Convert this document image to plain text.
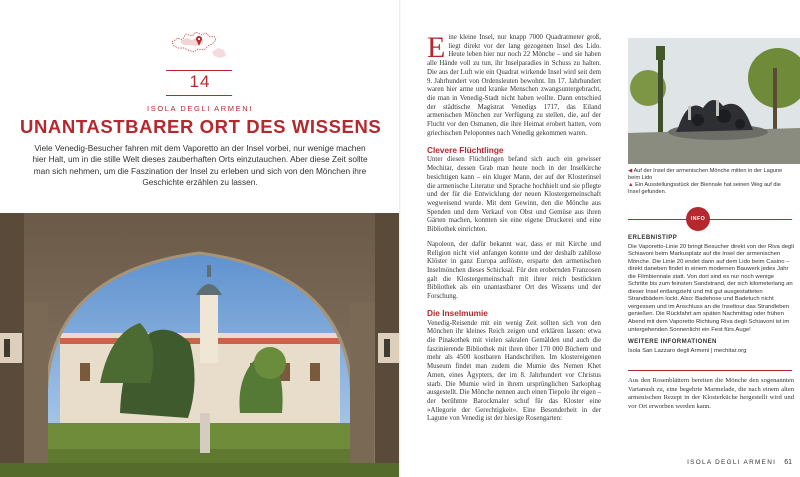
14
ISOLA DEGLI ARMENI
UNANTASTBARER ORT DES WISSENS
Viele Venedig-Besucher fahren mit dem Vaporetto an der Insel vorbei, nur wenige machen hier Halt, um in die stille Welt dieses zauberhaften Orts einzutauchen. Aber diese Zeit sollte man sich nehmen, um die Faszination der Insel zu erleben und sich von den Mönchen ihre Geschichte erzählen zu lassen.

Eine kleine Insel, nur knapp 7000 Quadratmeter groß, liegt direkt vor der lang gezogenen Insel des Lido. Heute leben hier nur noch 22 Mönche – und sie haben alle Hände voll zu tun, ihr Inselparadies in Schuss zu halten. Die aus der Luft wie ein Quadrat wirkende Insel wird seit dem 9. Jahrhundert von Ordensleuten bewohnt. Im 17. Jahrhundert waren hier arme und kranke Menschen zwangsuntergebracht, die man in Venedig-Stadt nicht haben wollte. Dann entschied der städtische Magistrat Venedigs 1717, das Eiland armenischen Mönchen zur Verfügung zu stellen, die, auf der Flucht vor den Osmanen, die ihre Heimat erobert hatten, vom griechischen Peloponnes nach Venedig gekommen waren.

Clevere Flüchtlinge

Unter diesen Flüchtlingen befand sich auch ein gewisser Mechitar, dessen Grab man heute noch in der Inselkirche besichtigen kann – ein kluger Mann, der auf der Klosterinsel die armenische Literatur und Sprache hochhielt und sie pflegte und der für die Entwicklung der neuen Klostergemeinschaft wegweisend wurde. Mit dem Gewinn, den die Mönche aus Spenden und dem Verkauf von Obst und Gemüse aus ihren Gärten machen, konnten sie eine eigene Druckerei und eine Bibliothek einrichten.

Napoleon, der dafür bekannt war, dass er mit Kirche und Religion nicht viel anfangen konnte und der deshalb zahllose Klöster in ganz Europa auflöste, ersparte den armenischen Inselmönchen dieses Schicksal. Für den erobernden Franzosen galt die Klostergemeinschaft mit ihrer reich bestückten Bibliothek als ein unantastbarer Ort des Wissens und der Forschung.

Die Inselmumie

Venedig-Reisende mit ein wenig Zeit sollten sich von den Mönchen ihr kleines Reich zeigen und erklären lassen: etwa die Pinakothek mit vielen sakralen Gemälden und auch die faszinierende Bibliothek mit ihren über 170 000 Büchern und mehr als 4500 kostbaren Handschriften. Im klostereigenen Museum findet man zudem die Mumie des Nemen Khet Amen, eines Ägypters, der im 8. Jahrhundert vor Christus starb. Die Mumie wird in ihrem ursprünglichen Sarkophag ausgestellt. Die Mönche nennen auch einen Tiepolo ihr eigen – der berühmte Barockmaler schuf für das Kloster eine »Allegorie der Gerechtigkeit«. Eine Besonderheit in der Lagune von Venedig ist der hiesige Rosengarten:

◀ Auf der Insel der armenischen Mönche mitten in der Lagune beim Lido
▲ Ein Ausstellungsstück der Biennale hat seinen Weg auf die Insel gefunden.
INFO
ERLEBNISTIPP

Die Vaporetto-Linie 20 bringt Besucher direkt von der Riva degli Schiavoni beim Markusplatz auf die Insel der armenischen Mönche. Die Linie 20 endet dann auf dem Lido beim Casino – direkt daneben findet in einem modernen Bauwerk jedes Jahr die Filmbiennale statt. Von dort sind es nur noch wenige Schritte bis zum feinsten Sandstrand, der sich kilometerlang an dieser Insel entlangzieht und mit gut ausgestatteten Strandbädern lockt. Also: Badehose und Badetuch nicht vergessen und im Anschluss an die Inseltour das Strandleben genießen. Die Rückfahrt am späten Nachmittag oder frühen Abend mit dem Vaporetto Richtung Riva degli Schiavoni ist im untergehenden Sonnenlicht ein Fest fürs Auge!

WEITERE INFORMATIONEN

Isola San Lazzaro degli Armeni | mechitar.org

Aus den Rosenblättern bereiten die Mönche den sogenannten Vartanush zu, eine begehrte Marmelade, die nach einem alten armenischen Rezept in der Klosterküche hergestellt wird und vor Ort erworben werden kann.

ISOLA DEGLI ARMENI 61
